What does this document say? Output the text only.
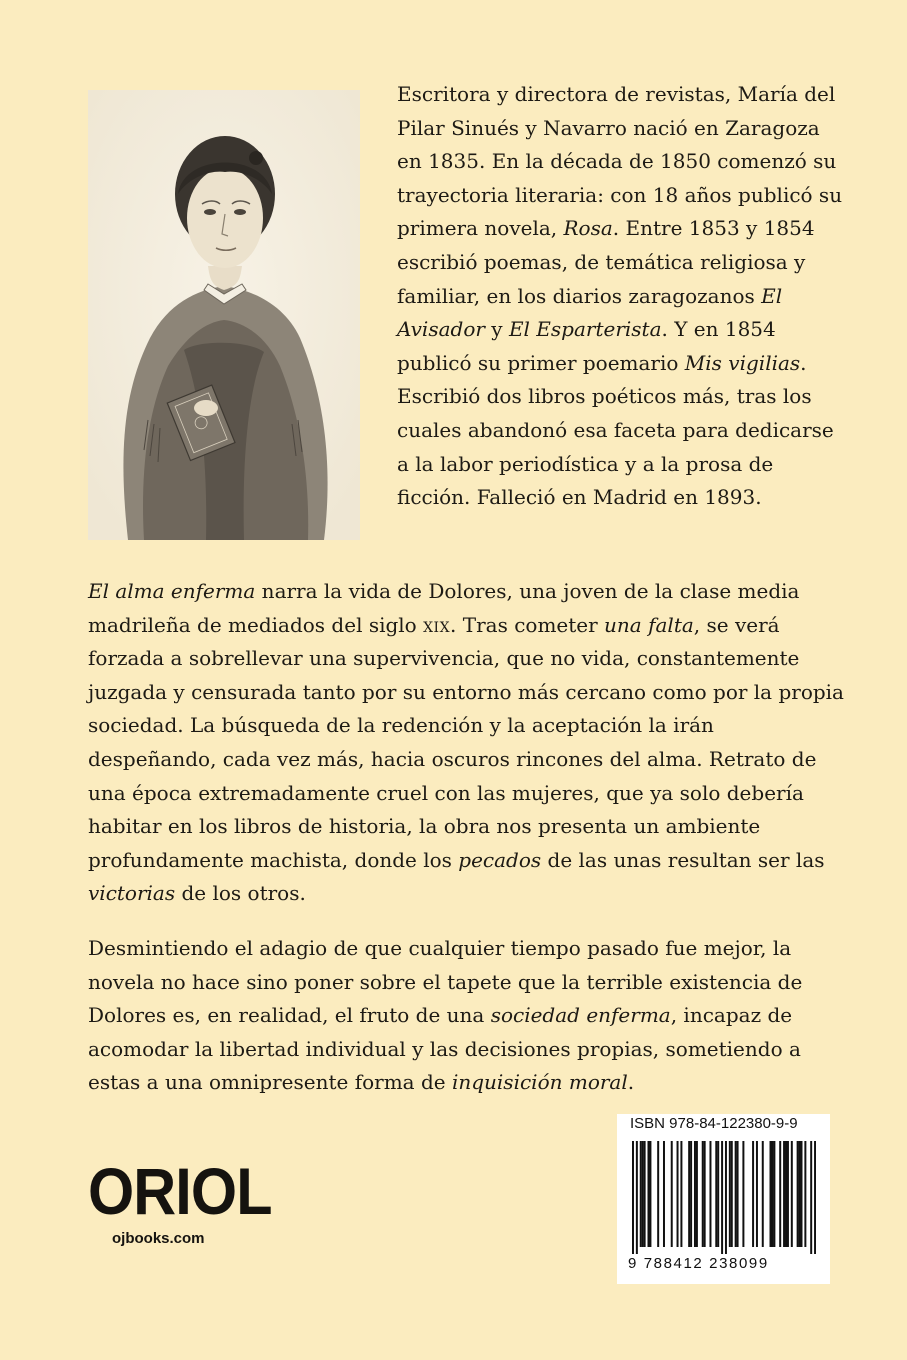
Escritora y directora de revistas, María del Pilar Sinués y Navarro nació en Zaragoza en 1835. En la década de 1850 comenzó su trayectoria literaria: con 18 años publicó su primera novela, Rosa. Entre 1853 y 1854 escribió poemas, de temática religiosa y familiar, en los diarios zaragozanos El Avisador y El Esparterista. Y en 1854 publicó su primer poemario Mis vigilias. Escribió dos libros poéticos más, tras los cuales abandonó esa faceta para dedicarse a la labor periodística y a la prosa de ficción. Falleció en Madrid en 1893.

El alma enferma narra la vida de Dolores, una joven de la clase media madrileña de mediados del siglo xix. Tras cometer una falta, se verá forzada a sobrellevar una supervivencia, que no vida, constantemente juzgada y censurada tanto por su entorno más cercano como por la propia sociedad. La búsqueda de la redención y la aceptación la irán despeñando, cada vez más, hacia oscuros rincones del alma. Retrato de una época extremadamente cruel con las mujeres, que ya solo debería habitar en los libros de historia, la obra nos presenta un ambiente profundamente machista, donde los pecados de las unas resultan ser las victorias de los otros.

Desmintiendo el adagio de que cualquier tiempo pasado fue mejor, la novela no hace sino poner sobre el tapete que la terrible existencia de Dolores es, en realidad, el fruto de una sociedad enferma, incapaz de acomodar la libertad individual y las decisiones propias, sometiendo a estas a una omnipresente forma de inquisición moral.

ORIOL
ojbooks.com
ISBN 978-84-122380-9-9
9 788412 238099
